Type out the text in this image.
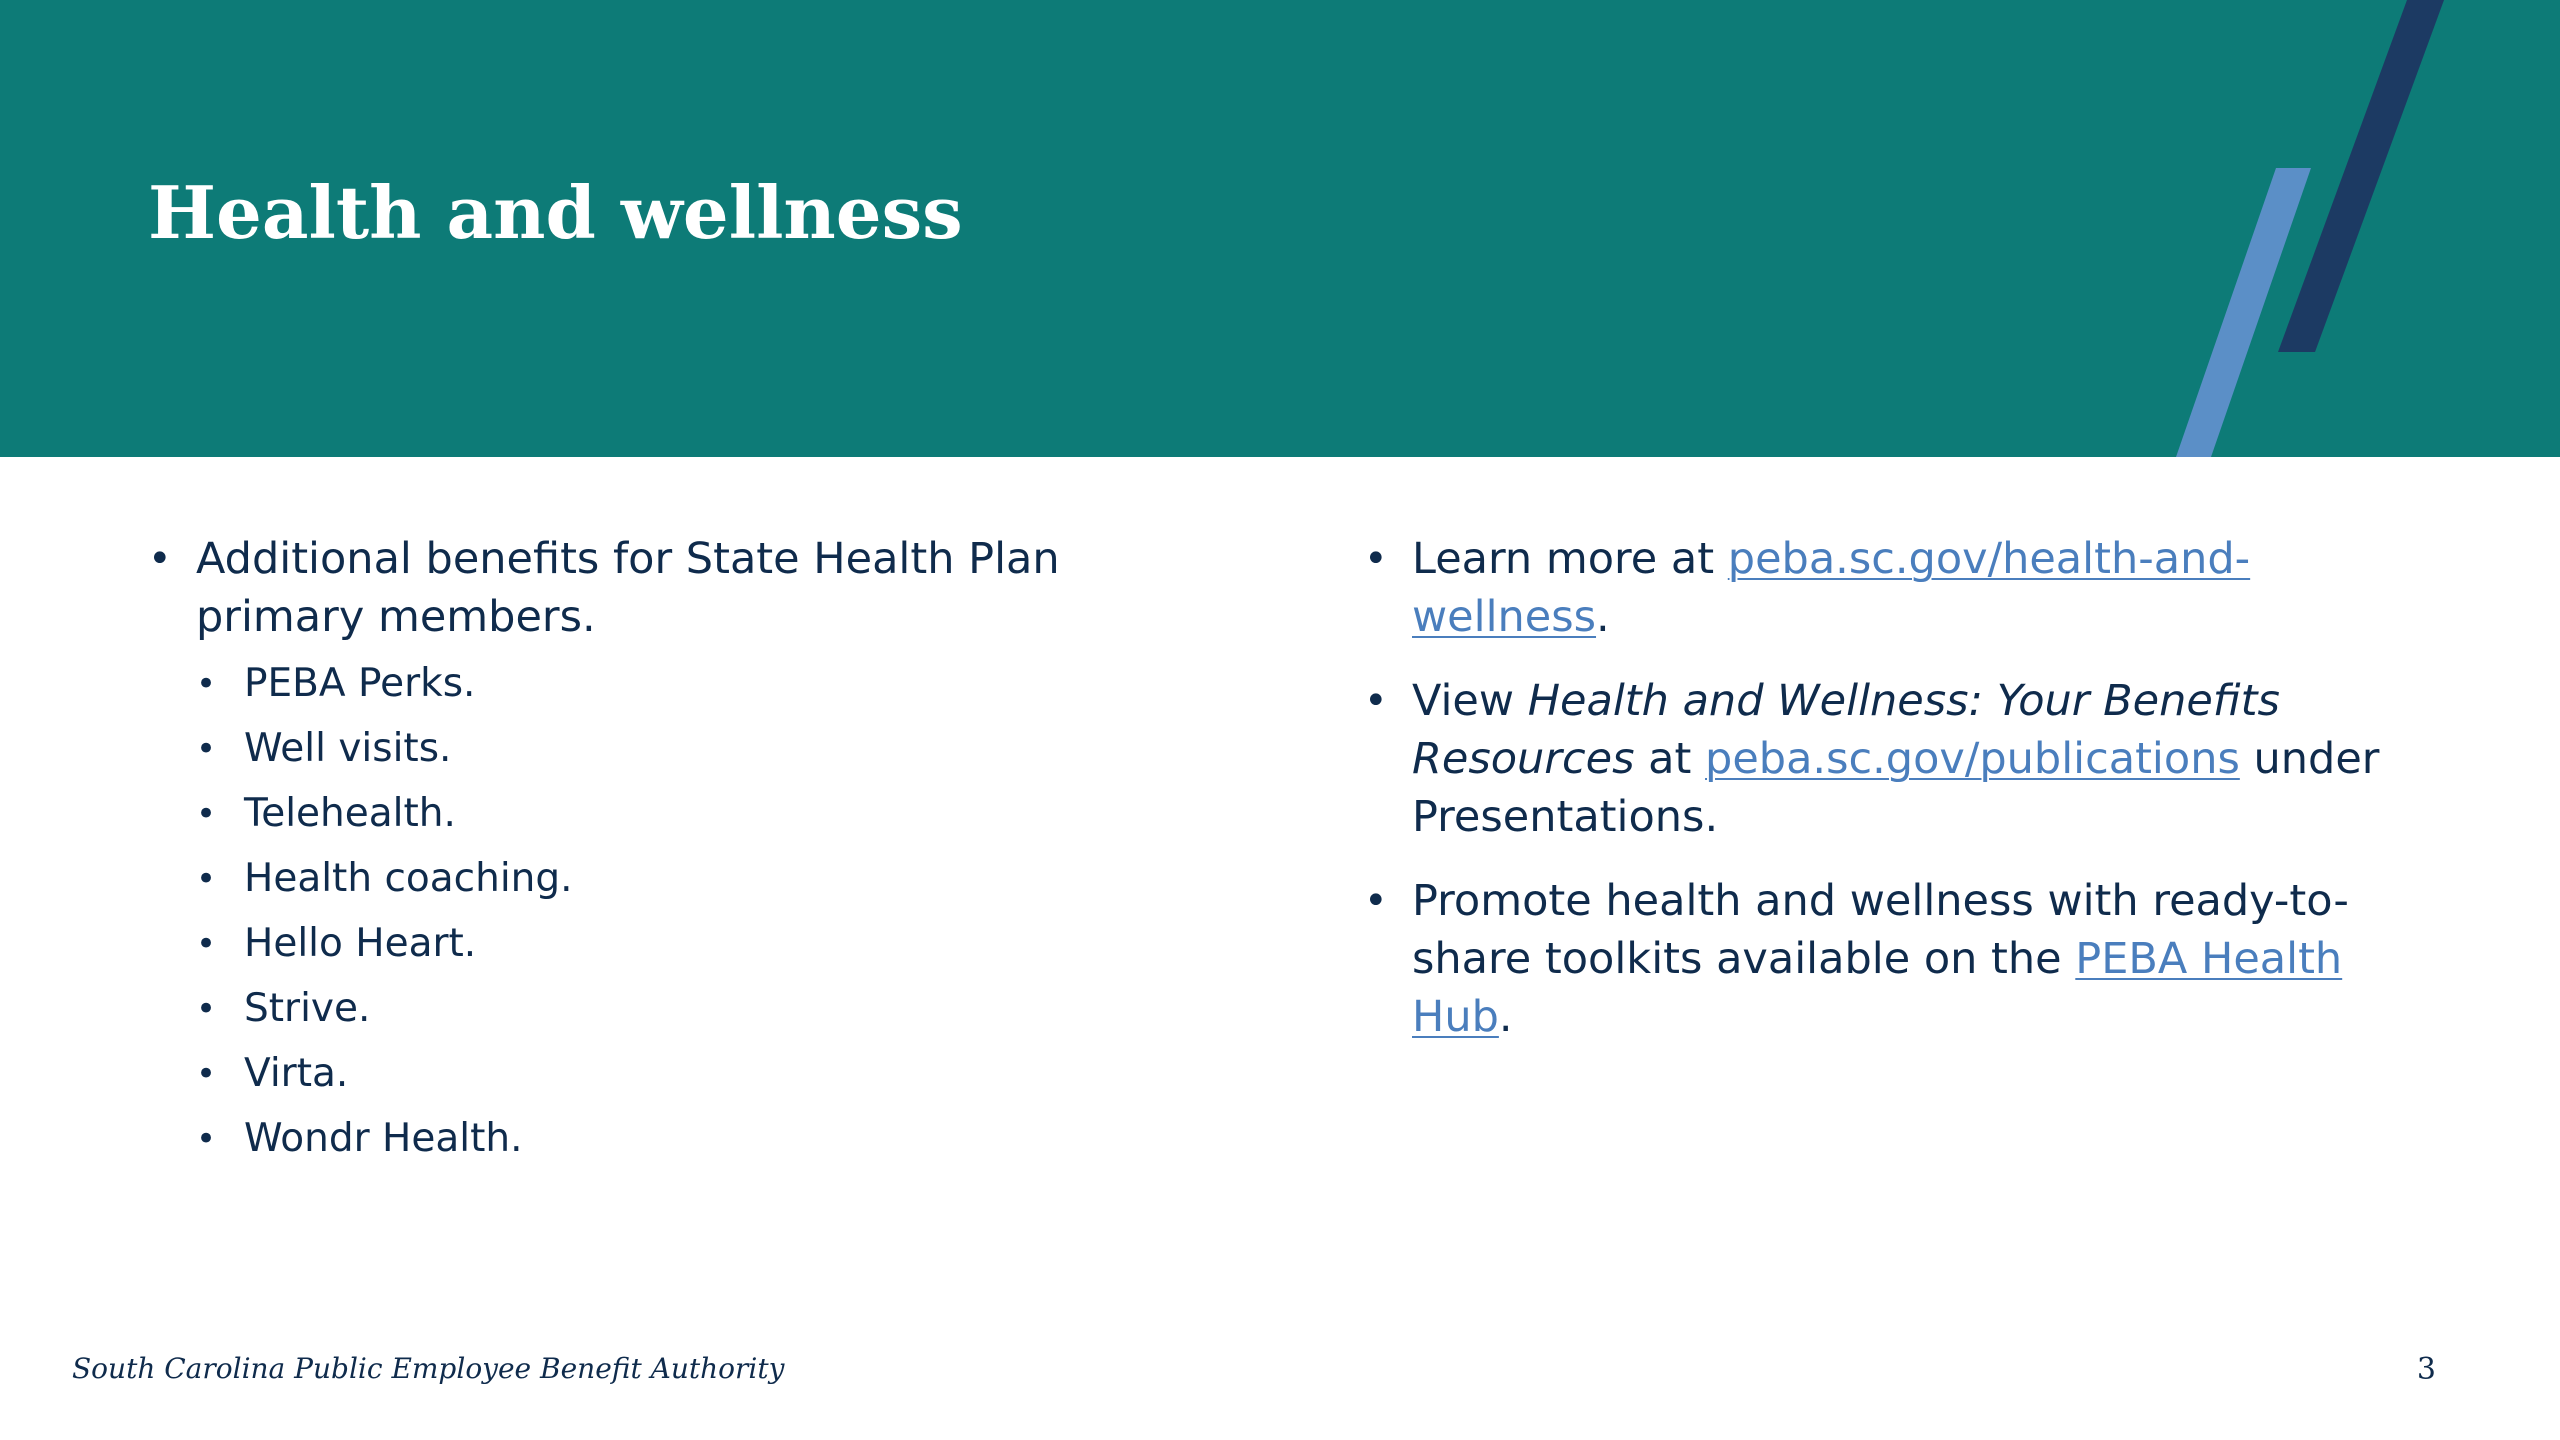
Health and wellness
• Additional benefits for State Health Plan primary members.
• PEBA Perks.
• Well visits.
• Telehealth.
• Health coaching.
• Hello Heart.
• Strive.
• Virta.
• Wondr Health.
• Learn more at peba.sc.gov/health-and-wellness.
• View Health and Wellness: Your Benefits Resources at peba.sc.gov/publications under Presentations.
• Promote health and wellness with ready-to-share toolkits available on the PEBA Health Hub.
South Carolina Public Employee Benefit Authority	3
